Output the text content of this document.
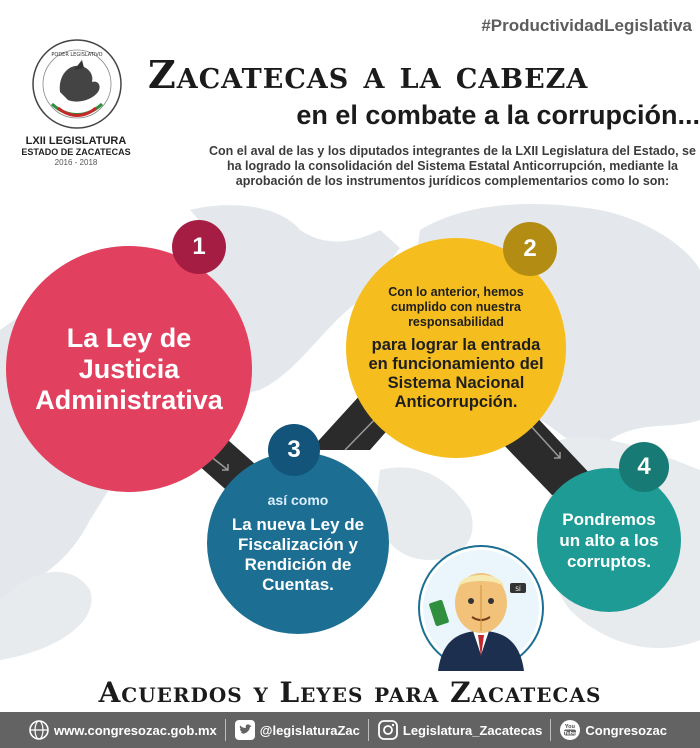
#ProductividadLegislativa
PODER LEGISLATIVO
LXII LEGISLATURA
ESTADO DE ZACATECAS
2016 - 2018
Zacatecas a la cabeza
en el combate a la corrupción...
Con el aval de las y los diputados integrantes de la LXII Legislatura del Estado, se ha logrado la consolidación del Sistema Estatal Anticorrupción, mediante la aprobación de los instrumentos jurídicos complementarios como lo son:
La Ley de Justicia Administrativa
1
Con lo anterior, hemos cumplido con nuestra responsabilidad
para lograr la entrada en funcionamiento del Sistema Nacional Anticorrupción.
2
así como
La nueva Ley de Fiscalización y Rendición de Cuentas.
3
Pondremos un alto a los corruptos.
4
SÍ
Acuerdos y Leyes para Zacatecas
www.congresozac.gob.mx	@legislaturaZac	Legislatura_Zacatecas	You
Tube Congresozac
